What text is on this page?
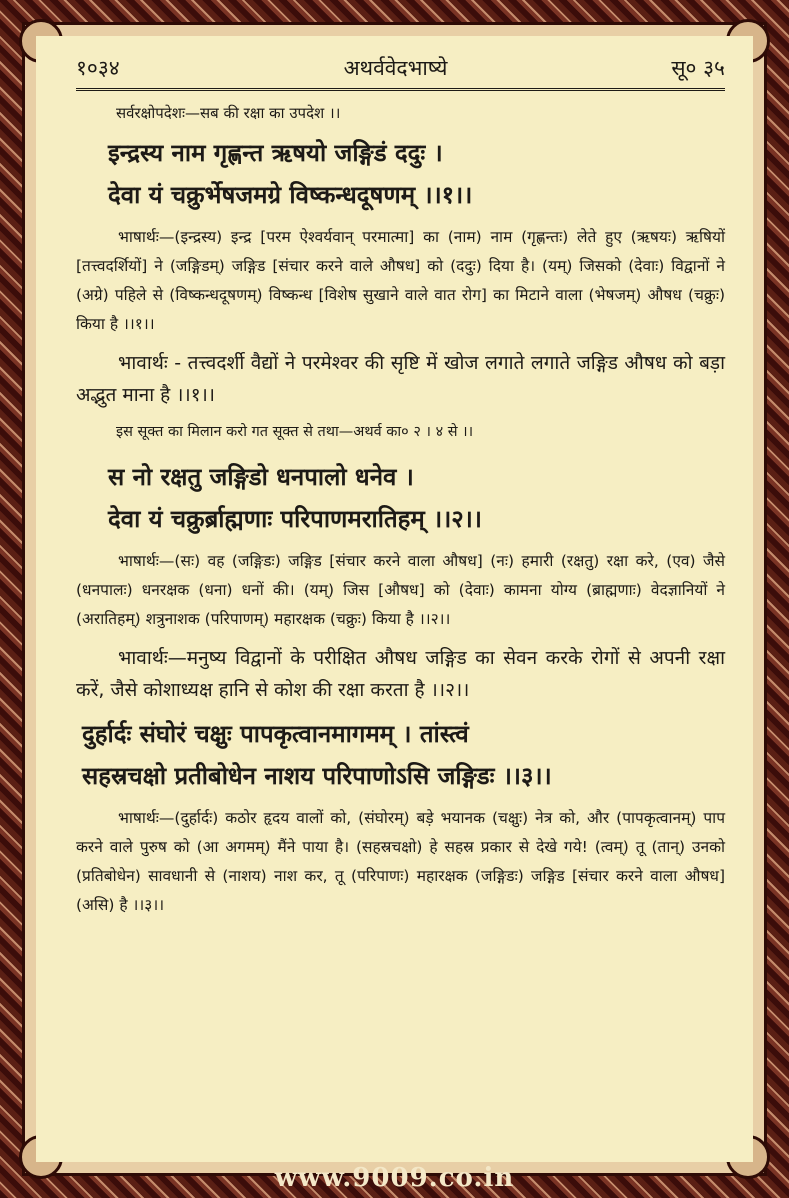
१०३४	अथर्ववेदभाष्ये	सू० ३५
सर्वरक्षोपदेशः—सब की रक्षा का उपदेश ।।
इन्द्रस्य नाम गृह्णन्त ऋषयो जङ्गिडं ददुः ।
देवा यं चक्रुर्भेषजमग्रे विष्कन्धदूषणम् ।।१।।
भाषार्थः—(इन्द्रस्य) इन्द्र [परम ऐश्वर्यवान् परमात्मा] का (नाम) नाम (गृह्णन्तः) लेते हुए (ऋषयः) ऋषियों [तत्त्वदर्शियों] ने (जङ्गिडम्) जङ्गिड [संचार करने वाले औषध] को (ददुः) दिया है। (यम्) जिसको (देवाः) विद्वानों ने (अग्रे) पहिले से (विष्कन्धदूषणम्) विष्कन्ध [विशेष सुखाने वाले वात रोग] का मिटाने वाला (भेषजम्) औषध (चक्रुः) किया है ।।१।।
भावार्थः - तत्त्वदर्शी वैद्यों ने परमेश्वर की सृष्टि में खोज लगाते लगाते जङ्गिड औषध को बड़ा अद्भुत माना है ।।१।।
इस सूक्त का मिलान करो गत सूक्त से तथा—अथर्व का० २ । ४ से ।।
स नो रक्षतु जङ्गिडो धनपालो धनेव ।
देवा यं चक्रुर्ब्राह्मणाः परिपाणमरातिहम् ।।२।।
भाषार्थः—(सः) वह (जङ्गिडः) जङ्गिड [संचार करने वाला औषध] (नः) हमारी (रक्षतु) रक्षा करे, (एव) जैसे (धनपालः) धनरक्षक (धना) धनों की। (यम्) जिस [औषध] को (देवाः) कामना योग्य (ब्राह्मणाः) वेदज्ञानियों ने (अरातिहम्) शत्रुनाशक (परिपाणम्) महारक्षक (चक्रुः) किया है ।।२।।
भावार्थः—मनुष्य विद्वानों के परीक्षित औषध जङ्गिड का सेवन करके रोगों से अपनी रक्षा करें, जैसे कोशाध्यक्ष हानि से कोश की रक्षा करता है ।।२।।
दुर्हार्दः संघोरं चक्षुः पापकृत्वानमागमम् । तांस्त्वं
सहस्रचक्षो प्रतीबोधेन नाशय परिपाणोऽसि जङ्गिडः ।।३।।
भाषार्थः—(दुर्हार्दः) कठोर हृदय वालों को, (संघोरम्) बड़े भयानक (चक्षुः) नेत्र को, और (पापकृत्वानम्) पाप करने वाले पुरुष को (आ अगमम्) मैंने पाया है। (सहस्रचक्षो) हे सहस्र प्रकार से देखे गये! (त्वम्) तू (तान्) उनको (प्रतिबोधेन) सावधानी से (नाशय) नाश कर, तू (परिपाणः) महारक्षक (जङ्गिडः) जङ्गिड [संचार करने वाला औषध] (असि) है ।।३।।
www.9009.co.in
